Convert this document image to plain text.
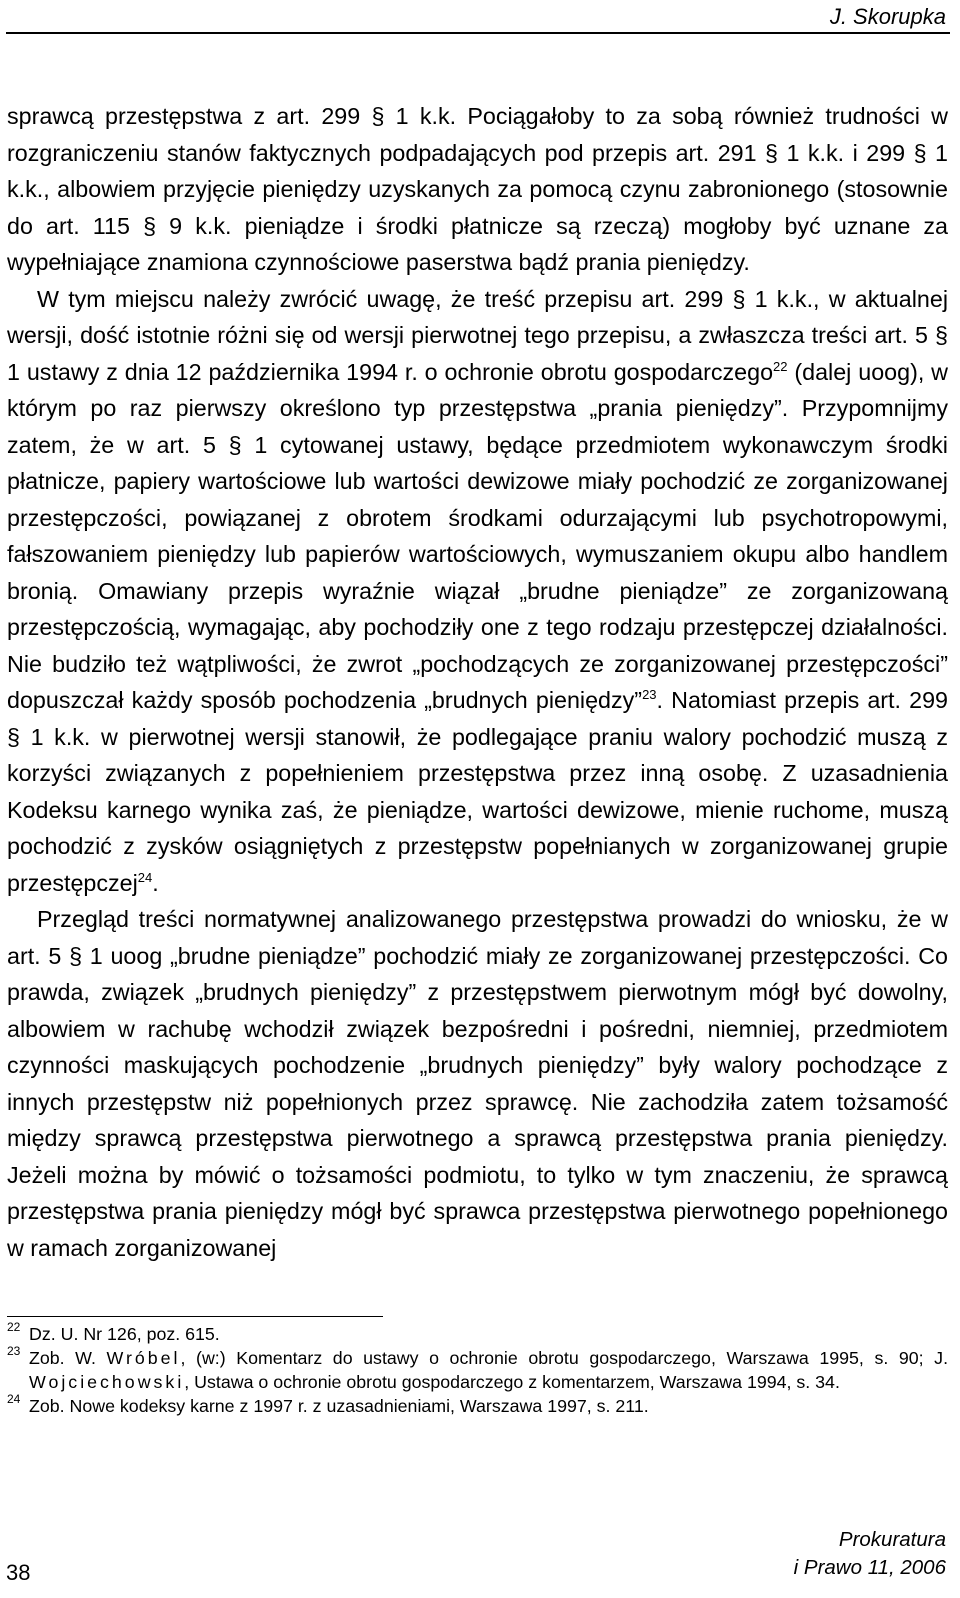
J. Skorupka

sprawcą przestępstwa z art. 299 § 1 k.k. Pociągałoby to za sobą również trudności w rozgraniczeniu stanów faktycznych podpadających pod przepis art. 291 § 1 k.k. i 299 § 1 k.k., albowiem przyjęcie pieniędzy uzyskanych za pomocą czynu zabronionego (stosownie do art. 115 § 9 k.k. pieniądze i środki płatnicze są rzeczą) mogłoby być uznane za wypełniające znamiona czynnościowe paserstwa bądź prania pieniędzy.

W tym miejscu należy zwrócić uwagę, że treść przepisu art. 299 § 1 k.k., w aktualnej wersji, dość istotnie różni się od wersji pierwotnej tego przepisu, a zwłaszcza treści art. 5 § 1 ustawy z dnia 12 października 1994 r. o ochronie obrotu gospodarczego$^{22}$ (dalej uoog), w którym po raz pierwszy określono typ przestępstwa „prania pieniędzy”. Przypomnijmy zatem, że w art. 5 § 1 cytowanej ustawy, będące przedmiotem wykonawczym środki płatnicze, papiery wartościowe lub wartości dewizowe miały pochodzić ze zorganizowanej przestępczości, powiązanej z obrotem środkami odurzającymi lub psychotropowymi, fałszowaniem pieniędzy lub papierów wartościowych, wymuszaniem okupu albo handlem bronią. Omawiany przepis wyraźnie wiązał „brudne pieniądze” ze zorganizowaną przestępczością, wymagając, aby pochodziły one z tego rodzaju przestępczej działalności. Nie budziło też wątpliwości, że zwrot „pochodzących ze zorganizowanej przestępczości” dopuszczał każdy sposób pochodzenia „brudnych pieniędzy”$^{23}$. Natomiast przepis art. 299 § 1 k.k. w pierwotnej wersji stanowił, że podlegające praniu walory pochodzić muszą z korzyści związanych z popełnieniem przestępstwa przez inną osobę. Z uzasadnienia Kodeksu karnego wynika zaś, że pieniądze, wartości dewizowe, mienie ruchome, muszą pochodzić z zysków osiągniętych z przestępstw popełnianych w zorganizowanej grupie przestępczej$^{24}$.

Przegląd treści normatywnej analizowanego przestępstwa prowadzi do wniosku, że w art. 5 § 1 uoog „brudne pieniądze” pochodzić miały ze zorganizowanej przestępczości. Co prawda, związek „brudnych pieniędzy” z przestępstwem pierwotnym mógł być dowolny, albowiem w rachubę wchodził związek bezpośredni i pośredni, niemniej, przedmiotem czynności maskujących pochodzenie „brudnych pieniędzy” były walory pochodzące z innych przestępstw niż popełnionych przez sprawcę. Nie zachodziła zatem tożsamość między sprawcą przestępstwa pierwotnego a sprawcą przestępstwa prania pieniędzy. Jeżeli można by mówić o tożsamości podmiotu, to tylko w tym znaczeniu, że sprawcą przestępstwa prania pieniędzy mógł być sprawca przestępstwa pierwotnego popełnionego w ramach zorganizowanej

22 Dz. U. Nr 126, poz. 615.

23 Zob. W. Wróbel, (w:) Komentarz do ustawy o ochronie obrotu gospodarczego, Warszawa 1995, s. 90; J. Wojciechowski, Ustawa o ochronie obrotu gospodarczego z komentarzem, Warszawa 1994, s. 34.

24 Zob. Nowe kodeksy karne z 1997 r. z uzasadnieniami, Warszawa 1997, s. 211.

38
Prokuratura
i Prawo 11, 2006
